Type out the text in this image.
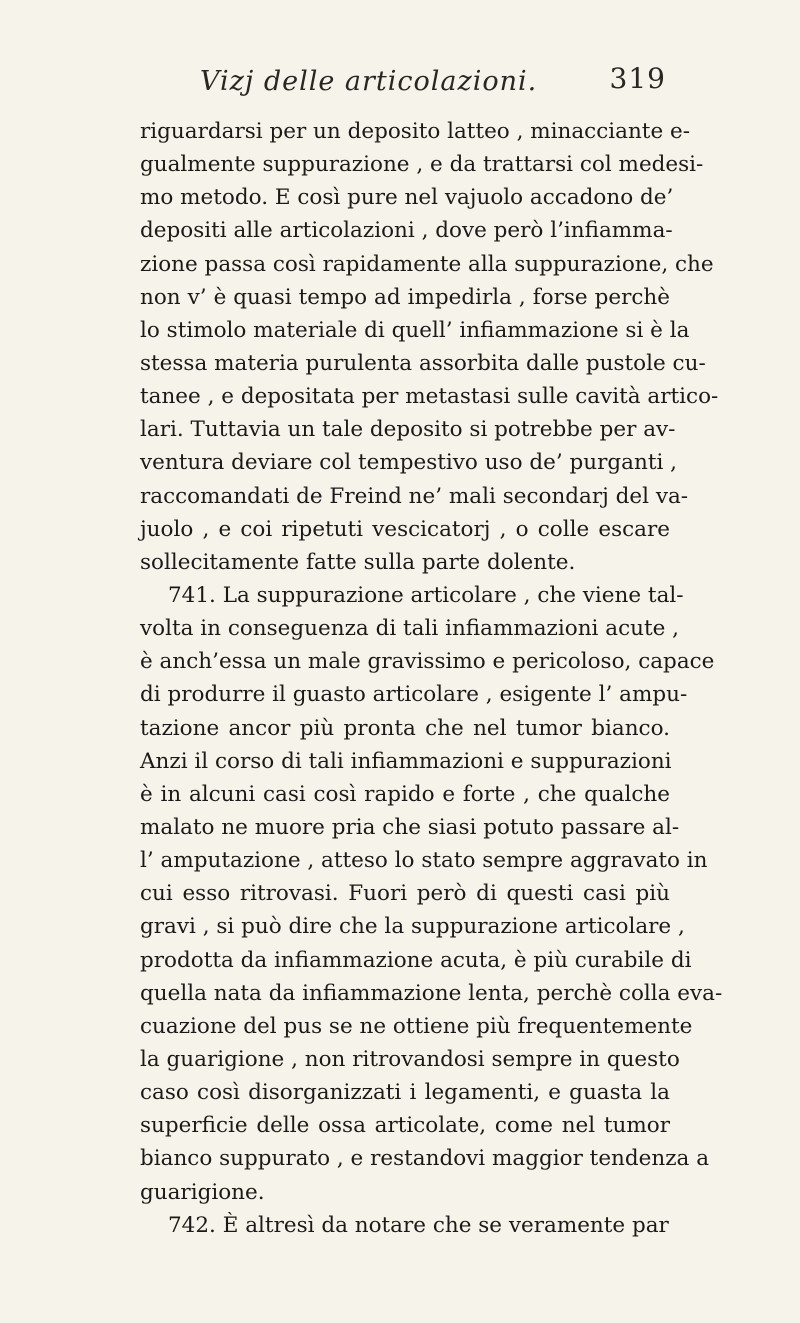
Vizj delle articolazioni.	319
riguardarsi per un deposito latteo , minacciante e-
gualmente suppurazione , e da trattarsi col medesi-
mo metodo. E così pure nel vajuolo accadono de’
depositi alle articolazioni , dove però l’infiamma-
zione passa così rapidamente alla suppurazione, che
non v’ è quasi tempo ad impedirla , forse perchè
lo stimolo materiale di quell’ infiammazione si è la
stessa materia purulenta assorbita dalle pustole cu-
tanee , e depositata per metastasi sulle cavità artico-
lari. Tuttavia un tale deposito si potrebbe per av-
ventura deviare col tempestivo uso de’ purganti ,
raccomandati de Freind ne’ mali secondarj del va-
juolo , e coi ripetuti vescicatorj , o colle escare
sollecitamente fatte sulla parte dolente.
741. La suppurazione articolare , che viene tal-
volta in conseguenza di tali infiammazioni acute ,
è anch’essa un male gravissimo e pericoloso, capace
di produrre il guasto articolare , esigente l’ ampu-
tazione ancor più pronta che nel tumor bianco.
Anzi il corso di tali infiammazioni e suppurazioni
è in alcuni casi così rapido e forte , che qualche
malato ne muore pria che siasi potuto passare al-
l’ amputazione , atteso lo stato sempre aggravato in
cui esso ritrovasi. Fuori però di questi casi più
gravi , si può dire che la suppurazione articolare ,
prodotta da infiammazione acuta, è più curabile di
quella nata da infiammazione lenta, perchè colla eva-
cuazione del pus se ne ottiene più frequentemente
la guarigione , non ritrovandosi sempre in questo
caso così disorganizzati i legamenti, e guasta la
superficie delle ossa articolate, come nel tumor
bianco suppurato , e restandovi maggior tendenza a
guarigione.
742. È altresì da notare che se veramente par
